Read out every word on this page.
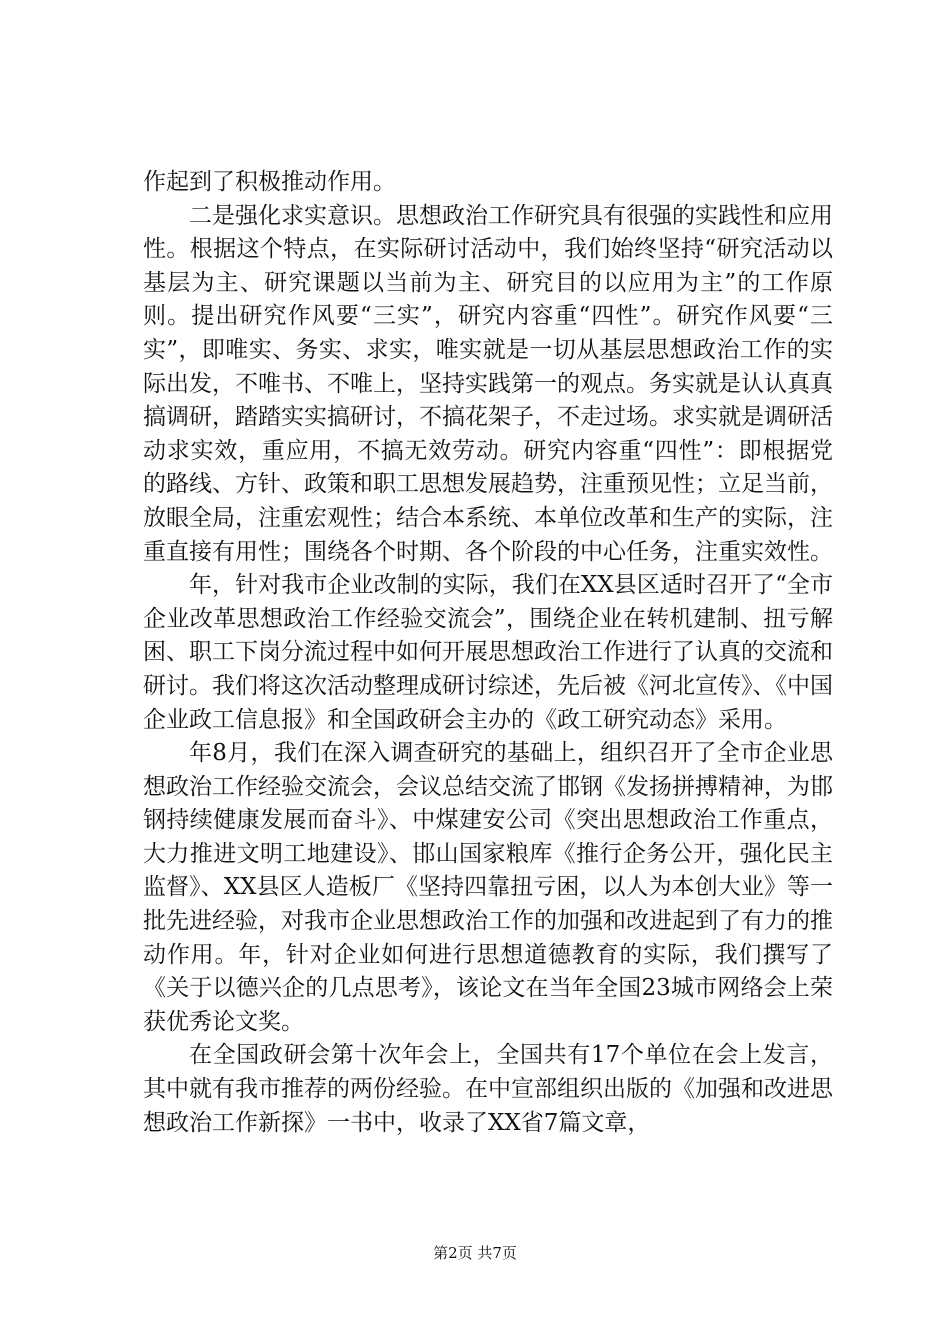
作起到了积极推动作用。

二是强化求实意识。思想政治工作研究具有很强的实践性和应用性。根据这个特点，在实际研讨活动中，我们始终坚持“研究活动以基层为主、研究课题以当前为主、研究目的以应用为主”的工作原则。提出研究作风要“三实”，研究内容重“四性”。研究作风要“三实”，即唯实、务实、求实，唯实就是一切从基层思想政治工作的实际出发，不唯书、不唯上，坚持实践第一的观点。务实就是认认真真搞调研，踏踏实实搞研讨，不搞花架子，不走过场。求实就是调研活动求实效，重应用，不搞无效劳动。研究内容重“四性”：即根据党的路线、方针、政策和职工思想发展趋势，注重预见性；立足当前，放眼全局，注重宏观性；结合本系统、本单位改革和生产的实际，注重直接有用性；围绕各个时期、各个阶段的中心任务，注重实效性。

年，针对我市企业改制的实际，我们在XX县区适时召开了“全市企业改革思想政治工作经验交流会”，围绕企业在转机建制、扭亏解困、职工下岗分流过程中如何开展思想政治工作进行了认真的交流和研讨。我们将这次活动整理成研讨综述，先后被《河北宣传》、《中国企业政工信息报》和全国政研会主办的《政工研究动态》采用。

年8月，我们在深入调查研究的基础上，组织召开了全市企业思想政治工作经验交流会，会议总结交流了邯钢《发扬拼搏精神，为邯钢持续健康发展而奋斗》、中煤建安公司《突出思想政治工作重点，大力推进文明工地建设》、邯山国家粮库《推行企务公开，强化民主监督》、XX县区人造板厂《坚持四靠扭亏困，以人为本创大业》等一批先进经验，对我市企业思想政治工作的加强和改进起到了有力的推动作用。年，针对企业如何进行思想道德教育的实际，我们撰写了《关于以德兴企的几点思考》，该论文在当年全国23城市网络会上荣获优秀论文奖。

在全国政研会第十次年会上，全国共有17个单位在会上发言，其中就有我市推荐的两份经验。在中宣部组织出版的《加强和改进思想政治工作新探》一书中，收录了XX省7篇文章，

第2页 共7页
